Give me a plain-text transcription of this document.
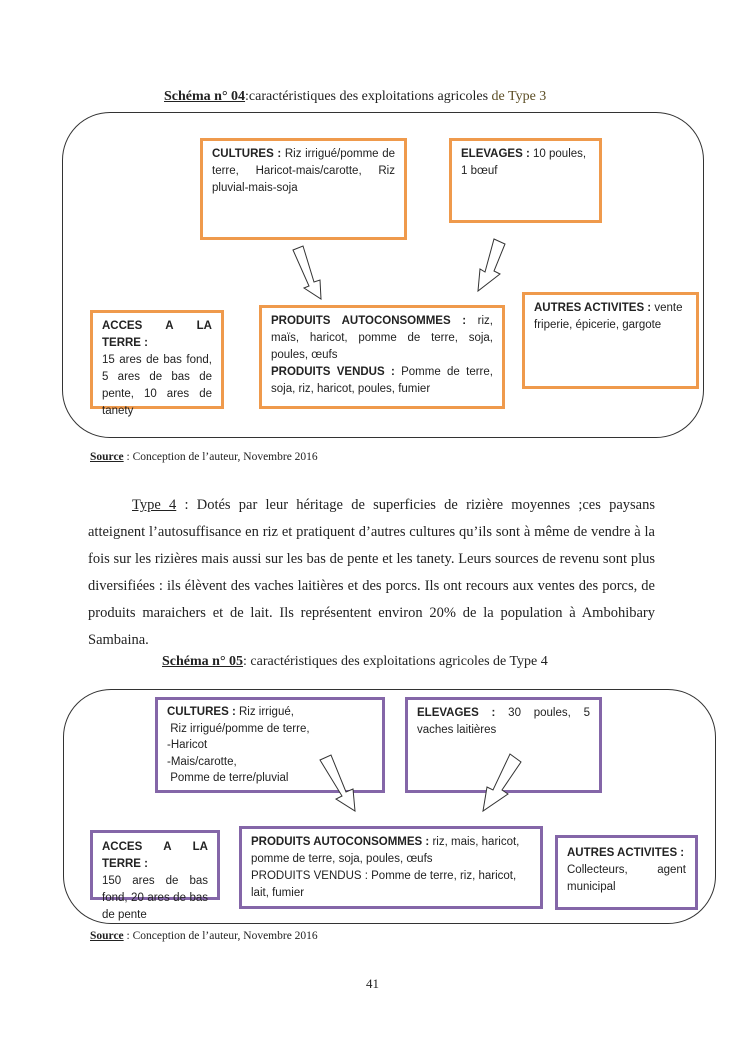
Schéma n° 04:caractéristiques des exploitations agricoles de Type 3
CULTURES : Riz irrigué/pomme de terre, Haricot-mais/carotte, Riz pluvial-mais-soja
ELEVAGES : 10 poules, 1 bœuf
ACCES A LA TERRE :
15 ares de bas fond, 5 ares de bas de pente, 10 ares de tanety
PRODUITS AUTOCONSOMMES : riz, maïs, haricot, pomme de terre, soja, poules, œufs
PRODUITS VENDUS : Pomme de terre, soja, riz, haricot, poules, fumier
AUTRES ACTIVITES : vente friperie, épicerie, gargote
Source : Conception de l’auteur, Novembre 2016
Type 4 : Dotés par leur héritage de superficies de rizière moyennes ;ces paysans atteignent l’autosuffisance en riz et pratiquent d’autres cultures qu’ils sont à même de vendre à la fois sur les rizières mais aussi sur les bas de pente et les tanety. Leurs sources de revenu sont plus diversifiées : ils élèvent des vaches laitières et des porcs. Ils ont recours aux ventes des porcs, de produits maraichers et de lait. Ils représentent environ 20% de la population à Ambohibary Sambaina.
Schéma n° 05: caractéristiques des exploitations agricoles de Type 4
CULTURES : Riz irrigué,
Riz irrigué/pomme de terre,
-Haricot
-Mais/carotte,
Pomme de terre/pluvial
ELEVAGES : 30 poules, 5 vaches laitières
ACCES A LA TERRE :
150 ares de bas fond, 20 ares de bas de pente
PRODUITS AUTOCONSOMMES : riz, mais, haricot, pomme de terre, soja, poules, œufs
PRODUITS VENDUS : Pomme de terre, riz, haricot, lait, fumier
AUTRES ACTIVITES :
Collecteurs, agent municipal
Source : Conception de l’auteur, Novembre 2016
41
